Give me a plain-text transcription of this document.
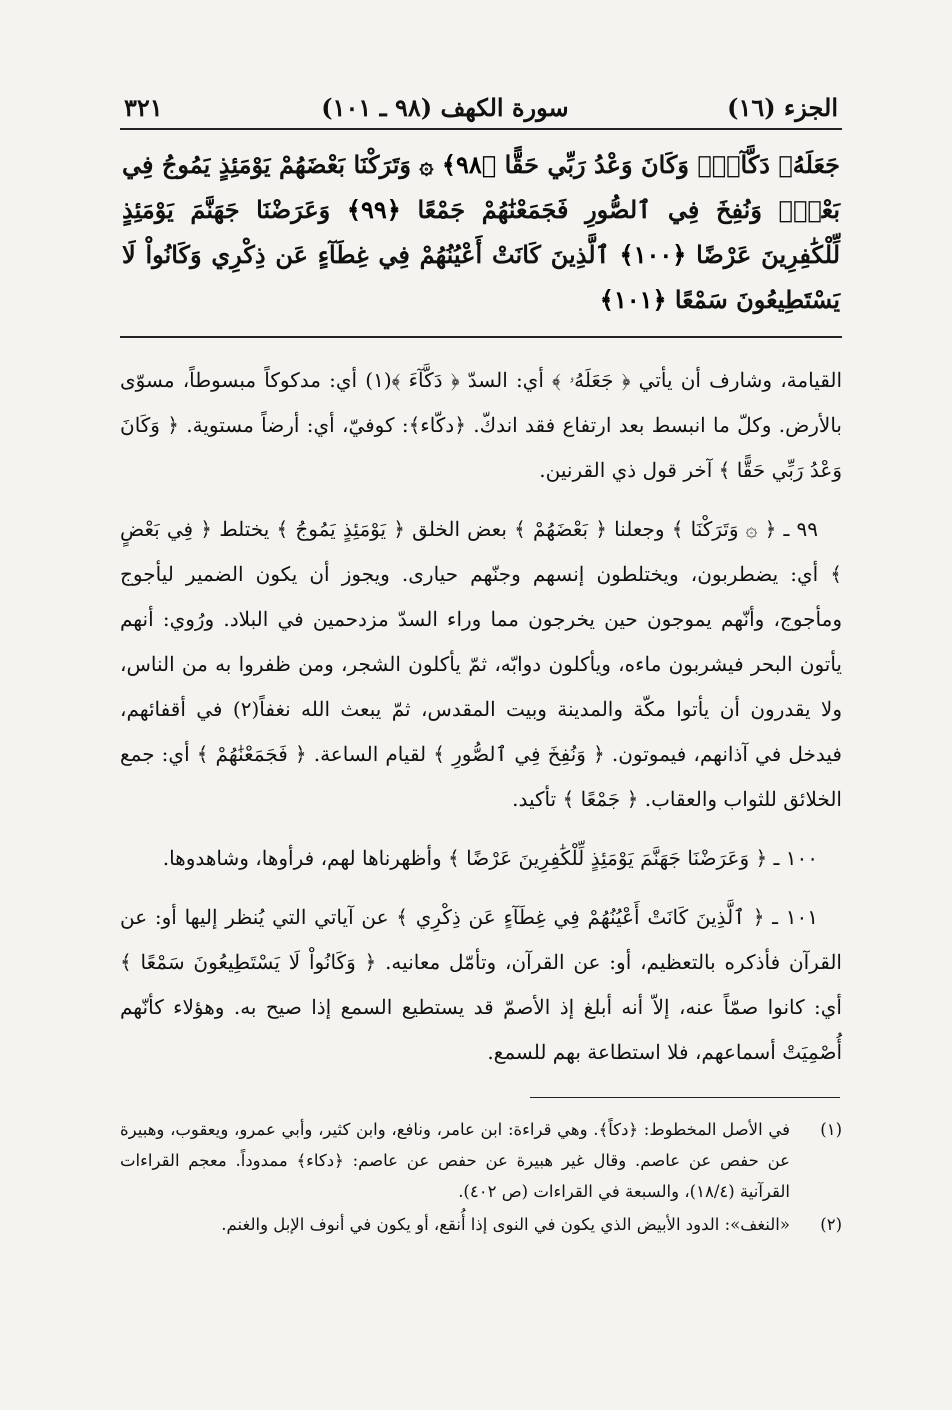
الجزء (١٦)
سورة الكهف (٩٨ ـ ١٠١)
٣٢١
جَعَلَهُۥ دَكَّآءَۖ وَكَانَ وَعْدُ رَبِّي حَقًّا ﴿٩٨﴾ ۞ وَتَرَكْنَا بَعْضَهُمْ يَوْمَئِذٍ يَمُوجُ فِي بَعْضٍۖ وَنُفِخَ فِي ٱلصُّورِ فَجَمَعْنَٰهُمْ جَمْعًا ﴿٩٩﴾ وَعَرَضْنَا جَهَنَّمَ يَوْمَئِذٍ لِّلْكَٰفِرِينَ عَرْضًا ﴿١٠٠﴾ ٱلَّذِينَ كَانَتْ أَعْيُنُهُمْ فِي غِطَآءٍ عَن ذِكْرِي وَكَانُواْ لَا يَسْتَطِيعُونَ سَمْعًا ﴿١٠١﴾

القيامة، وشارف أن يأتي ﴿ جَعَلَهُۥ ﴾ أي: السدّ ﴿ دَكَّآءَ ﴾(١) أي: مدكوكاً مبسوطاً، مسوّى بالأرض. وكلّ ما انبسط بعد ارتفاع فقد اندكّ. ﴿دكّاء﴾: كوفيّ، أي: أرضاً مستوية. ﴿ وَكَانَ وَعْدُ رَبِّي حَقًّا ﴾ آخر قول ذي القرنين.

٩٩ ـ ﴿ ۞ وَتَرَكْنَا ﴾ وجعلنا ﴿ بَعْضَهُمْ ﴾ بعض الخلق ﴿ يَوْمَئِذٍ يَمُوجُ ﴾ يختلط ﴿ فِي بَعْضٍ ﴾ أي: يضطربون، ويختلطون إنسهم وجنّهم حيارى. ويجوز أن يكون الضمير ليأجوج ومأجوج، وأنّهم يموجون حين يخرجون مما وراء السدّ مزدحمين في البلاد. ورُوي: أنهم يأتون البحر فيشربون ماءه، ويأكلون دوابّه، ثمّ يأكلون الشجر، ومن ظفروا به من الناس، ولا يقدرون أن يأتوا مكّة والمدينة وبيت المقدس، ثمّ يبعث الله نغفاً(٢) في أقفائهم، فيدخل في آذانهم، فيموتون. ﴿ وَنُفِخَ فِي ٱلصُّورِ ﴾ لقيام الساعة. ﴿ فَجَمَعْنَٰهُمْ ﴾ أي: جمع الخلائق للثواب والعقاب. ﴿ جَمْعًا ﴾ تأكيد.

١٠٠ ـ ﴿ وَعَرَضْنَا جَهَنَّمَ يَوْمَئِذٍ لِّلْكَٰفِرِينَ عَرْضًا ﴾ وأظهرناها لهم، فرأوها، وشاهدوها.

١٠١ ـ ﴿ ٱلَّذِينَ كَانَتْ أَعْيُنُهُمْ فِي غِطَآءٍ عَن ذِكْرِي ﴾ عن آياتي التي يُنظر إليها أو: عن القرآن فأذكره بالتعظيم، أو: عن القرآن، وتأمّل معانيه. ﴿ وَكَانُواْ لَا يَسْتَطِيعُونَ سَمْعًا ﴾ أي: كانوا صمّاً عنه، إلاّ أنه أبلغ إذ الأصمّ قد يستطيع السمع إذا صيح به. وهؤلاء كأنّهم أُصْمِيَتْ أسماعهم، فلا استطاعة بهم للسمع.

(١)
في الأصل المخطوط: ﴿دكاً﴾. وهي قراءة: ابن عامر، ونافع، وابن كثير، وأبي عمرو، ويعقوب، وهبيرة عن حفص عن عاصم. وقال غير هبيرة عن حفص عن عاصم: ﴿دكاء﴾ ممدوداً. معجم القراءات القرآنية (١٨/٤)، والسبعة في القراءات (ص ٤٠٢).
(٢)
«النغف»: الدود الأبيض الذي يكون في النوى إذا أُنقع، أو يكون في أنوف الإبل والغنم.
